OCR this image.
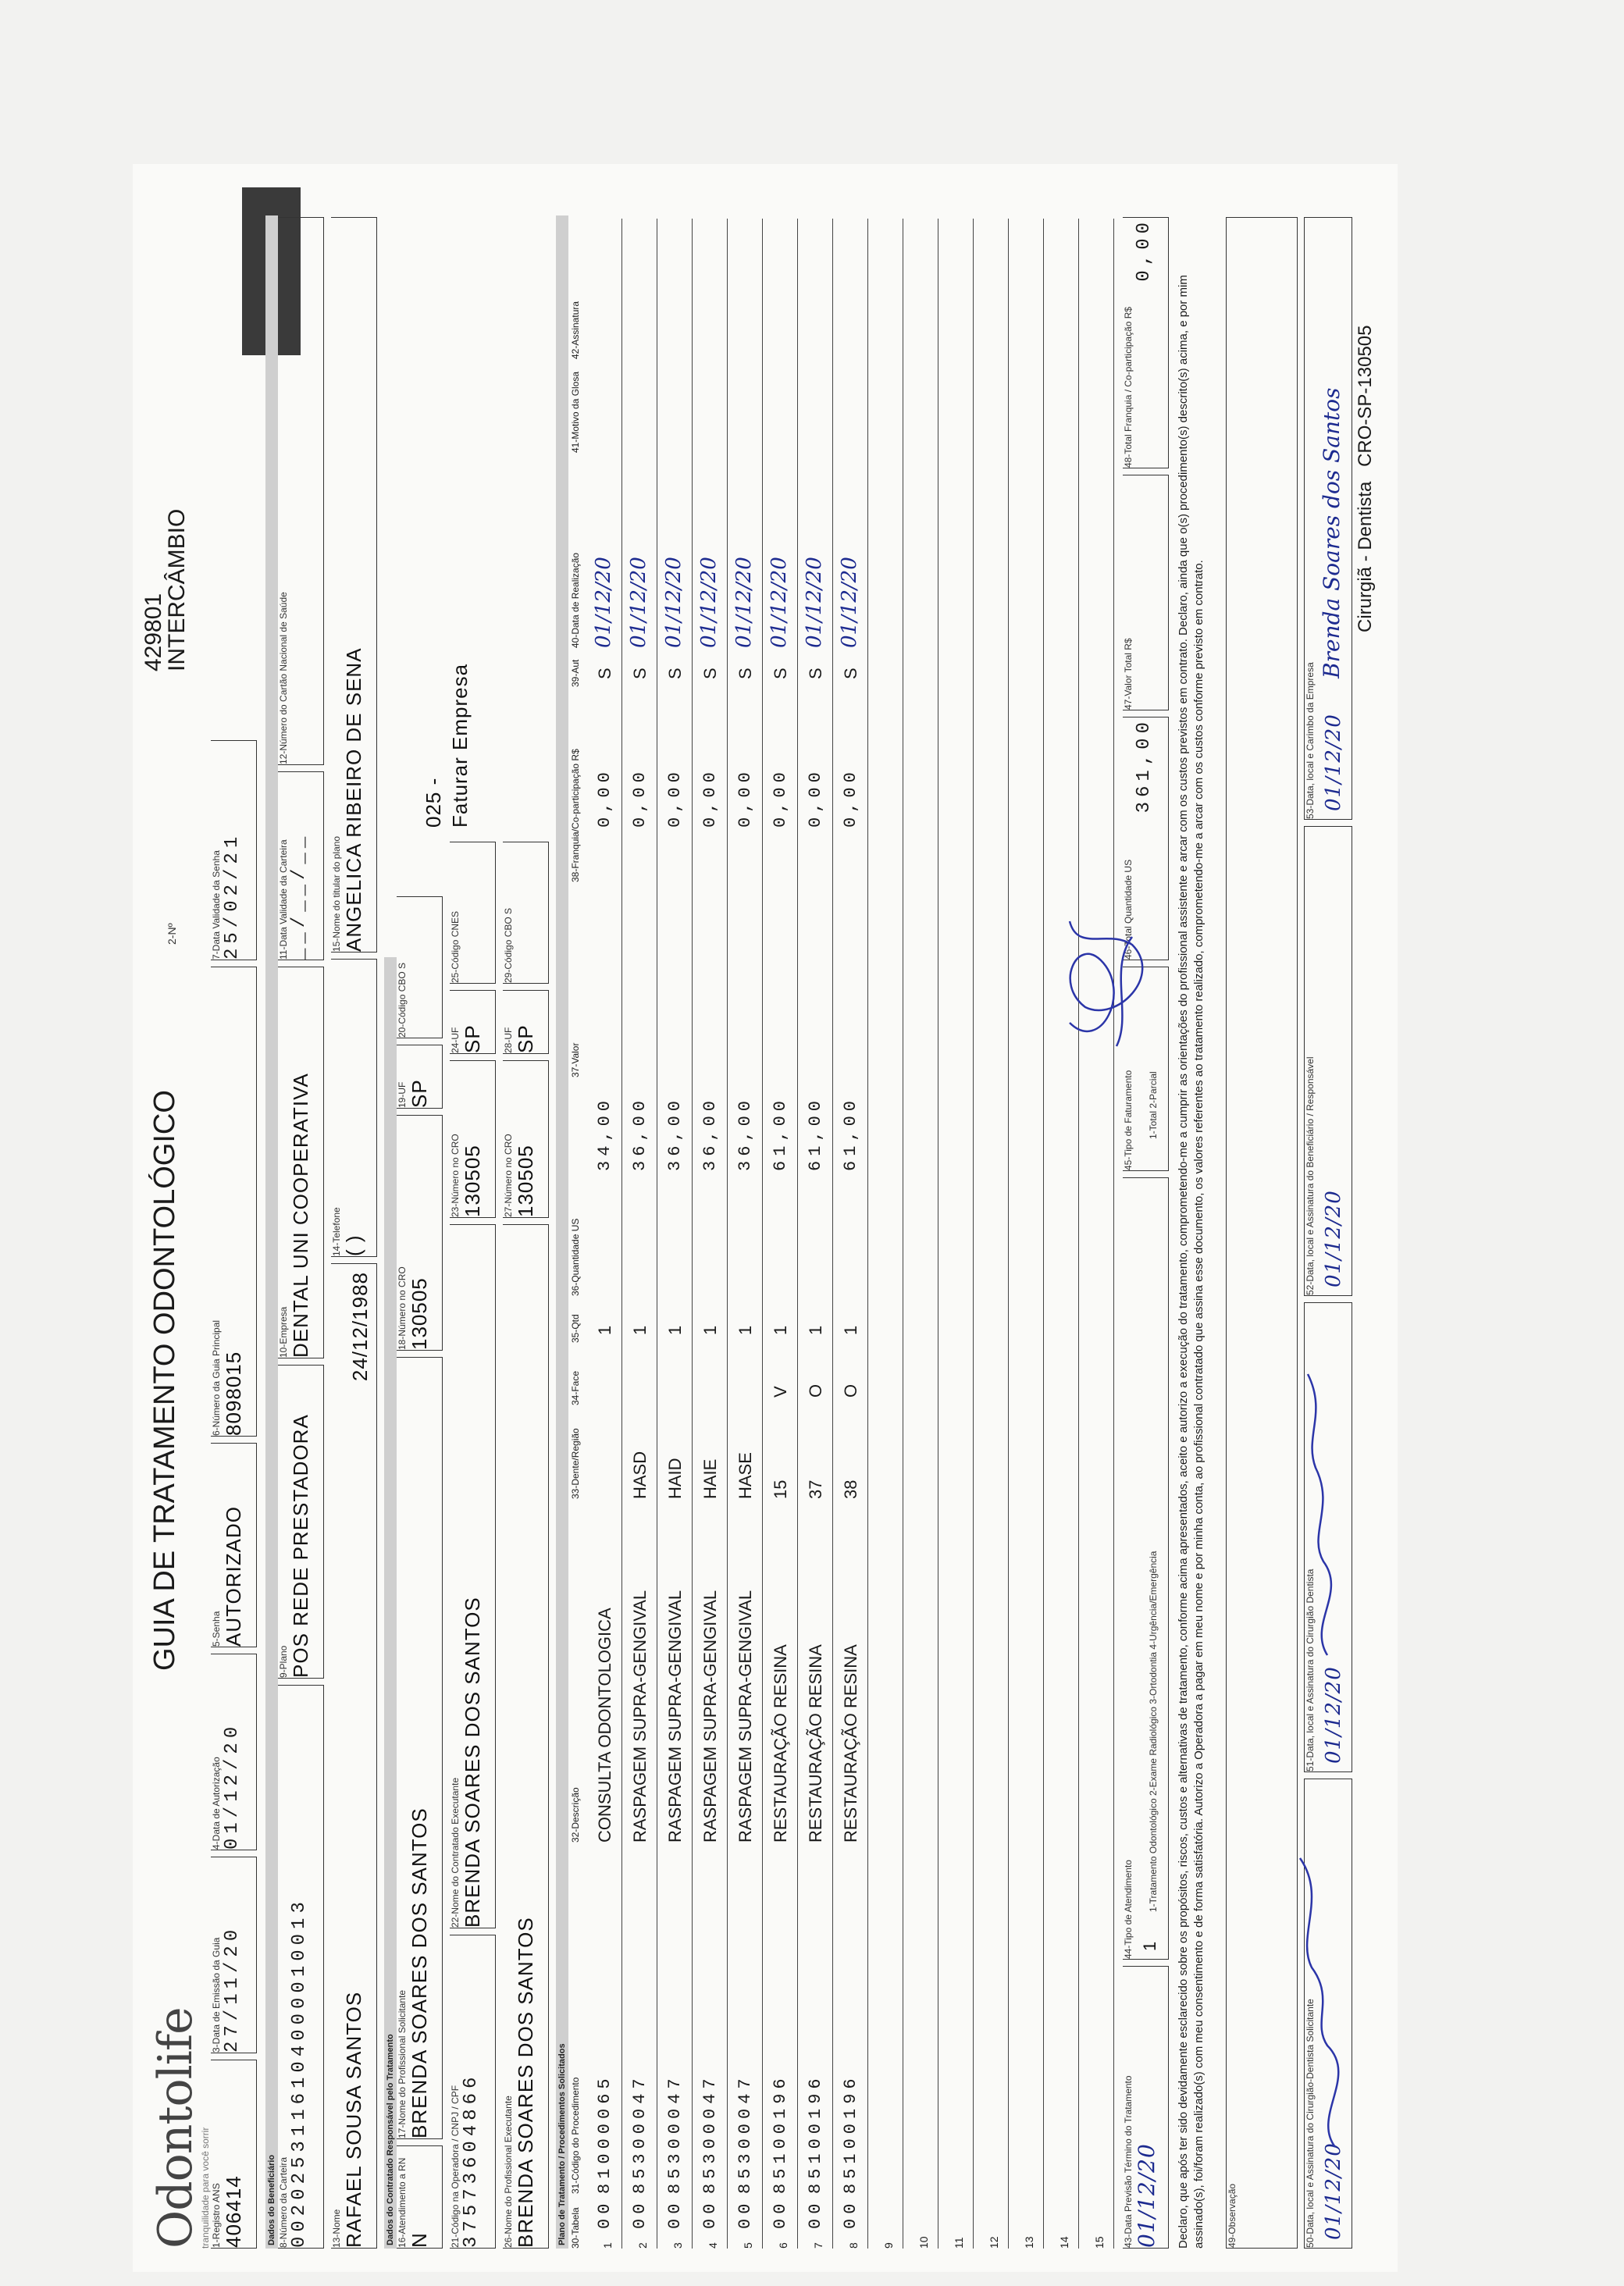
Odontolife
tranquilidade para você sorrir
GUIA DE TRATAMENTO ODONTOLÓGICO
2-Nº
429801
INTERCÂMBIO
1-Registro ANS 406414
3-Data de Emissão da Guia 27/11/20
4-Data de Autorização 01/12/20
5-Senha AUTORIZADO
6-Número da Guia Principal 8098015
7-Data Validade da Senha 25/02/21
Dados do Beneficiário 8-Número da Carteira 0020253116104000010013
9-Plano POS REDE PRESTADORA
10-Empresa DENTAL UNI COOPERATIVA
11-Data Validade da Carteira __/__/__
12-Número do Cartão Nacional de Saúde
13-Nome RAFAEL SOUSA SANTOS
24/12/1988
14-Telefone ( )
15-Nome do titular do plano ANGELICA RIBEIRO DE SENA
Dados do Contratado Responsável pelo Tratamento 16-Atendimento a RN N
17-Nome do Profissional Solicitante BRENDA SOARES DOS SANTOS
18-Número no CRO 130505
19-UF SP
20-Código CBO S
21-Código na Operadora / CNPJ / CPF 37573604866
22-Nome do Contratado Executante BRENDA SOARES DOS SANTOS
23-Número no CRO 130505
24-UF SP
25-Código CNES
26-Nome do Profissional Executante BRENDA SOARES DOS SANTOS
27-Número no CRO 130505
28-UF SP
29-Código CBO S
025 - Faturar Empresa
Plano de Tratamento / Procedimentos Solicitados 30-Tabela
31-Código do Procedimento
32-Descrição
33-Dente/Região
34-Face
35-Qtd
36-Quantidade US
37-Valor
38-Franquia/Co-participação R$
39-Aut
40-Data de Realização
41-Motivo da Glosa
42-Assinatura
1
00
81000065
CONSULTA ODONTOLOGICA
1
34,00
0,00
S
01/12/20
2
00
85300047
RASPAGEM SUPRA-GENGIVAL
HASD
1
36,00
0,00
S
01/12/20
3
00
85300047
RASPAGEM SUPRA-GENGIVAL
HAID
1
36,00
0,00
S
01/12/20
4
00
85300047
RASPAGEM SUPRA-GENGIVAL
HAIE
1
36,00
0,00
S
01/12/20
5
00
85300047
RASPAGEM SUPRA-GENGIVAL
HASE
1
36,00
0,00
S
01/12/20
6
00
85100196
RESTAURAÇÃO RESINA
15
V
1
61,00
0,00
S
01/12/20
7
00
85100196
RESTAURAÇÃO RESINA
37
O
1
61,00
0,00
S
01/12/20
8
00
85100196
RESTAURAÇÃO RESINA
38
O
1
61,00
0,00
S
01/12/20
9 10 11 12 13 14 15 43-Data Previsão Término do Tratamento 01/12/20
44-Tipo de Atendimento 1-Tratamento Odontológico 2-Exame Radiológico 3-Ortodontia 4-Urgência/Emergência
1
45-Tipo de Faturamento 1-Total 2-Parcial
46-Total Quantidade US
361,00
47-Valor Total R$
48-Total Franquia / Co-participação R$
0,00
Declaro, que após ter sido devidamente esclarecido sobre os propósitos, riscos, custos e alternativas de tratamento, conforme acima apresentados, aceito e autorizo a execução do tratamento, comprometendo-me a cumprir as orientações do profissional assistente e arcar com os custos previstos em contrato. Declaro, ainda que o(s) procedimento(s) descrito(s) acima, e por mim assinado(s), foi/foram realizado(s) com meu consentimento e de forma satisfatória. Autorizo a Operadora a pagar em meu nome e por minha conta, ao profissional contratado que assina esse documento, os valores referentes ao tratamento realizado, comprometendo-me a arcar com os custos conforme previsto em contrato. 49-Observação	50-Data, local e Assinatura do Cirurgião-Dentista Solicitante 01/12/20
51-Data, local e Assinatura do Cirurgião Dentista 01/12/20
52-Data, local e Assinatura do Beneficiário / Responsável 01/12/20
53-Data, local e Carimbo da Empresa 01/12/20
Brenda Soares dos Santos Cirurgiã - Dentista CRO-SP-130505
